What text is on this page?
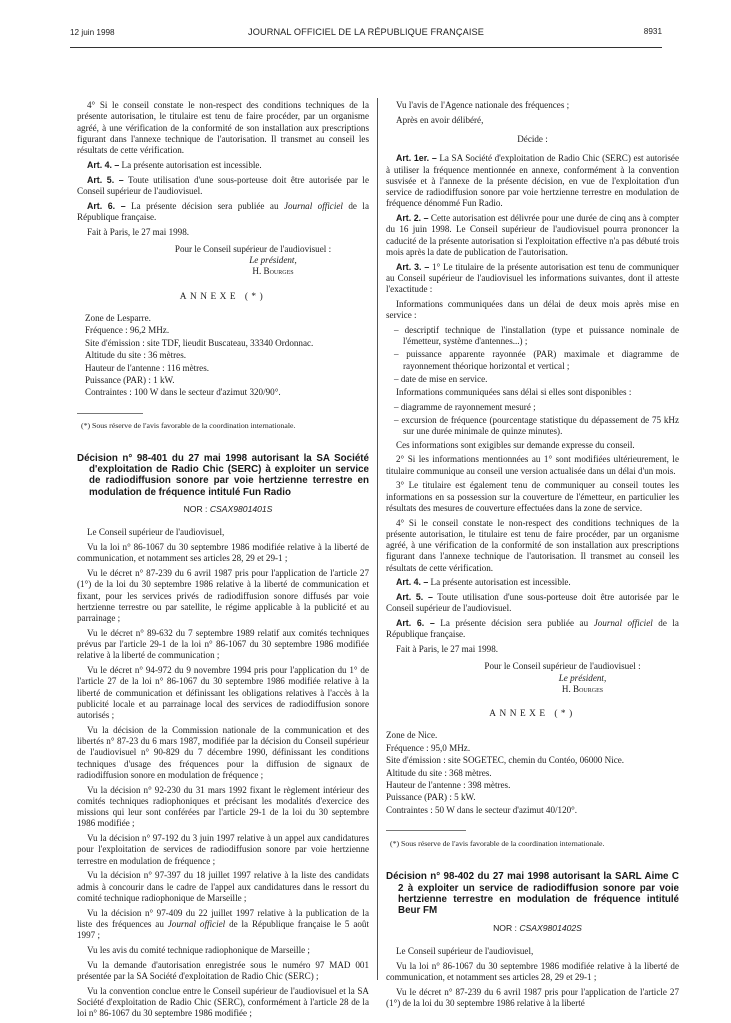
12 juin 1998	JOURNAL OFFICIEL DE LA RÉPUBLIQUE FRANÇAISE	8931

4° Si le conseil constate le non-respect des conditions techniques de la présente autorisation, le titulaire est tenu de faire procéder, par un organisme agréé, à une vérification de la conformité de son installation aux prescriptions figurant dans l'annexe technique de l'autorisation. Il transmet au conseil les résultats de cette vérification.

Art. 4. – La présente autorisation est incessible.

Art. 5. – Toute utilisation d'une sous-porteuse doit être autorisée par le Conseil supérieur de l'audiovisuel.

Art. 6. – La présente décision sera publiée au Journal officiel de la République française.

Fait à Paris, le 27 mai 1998.

Pour le Conseil supérieur de l'audiovisuel :
Le président,
H. Bourges
ANNEXE (*)

Zone de Lesparre.

Fréquence : 96,2 MHz.

Site d'émission : site TDF, lieudit Buscateau, 33340 Ordonnac.

Altitude du site : 36 mètres.

Hauteur de l'antenne : 116 mètres.

Puissance (PAR) : 1 kW.

Contraintes : 100 W dans le secteur d'azimut 320/90°.

(*) Sous réserve de l'avis favorable de la coordination internationale.

Décision n° 98-401 du 27 mai 1998 autorisant la SA Société d'exploitation de Radio Chic (SERC) à exploiter un service de radiodiffusion sonore par voie hertzienne terrestre en modulation de fréquence intitulé Fun Radio

NOR : CSAX9801401S

Le Conseil supérieur de l'audiovisuel,

Vu la loi n° 86-1067 du 30 septembre 1986 modifiée relative à la liberté de communication, et notamment ses articles 28, 29 et 29-1 ;

Vu le décret n° 87-239 du 6 avril 1987 pris pour l'application de l'article 27 (1°) de la loi du 30 septembre 1986 relative à la liberté de communication et fixant, pour les services privés de radiodiffusion sonore diffusés par voie hertzienne terrestre ou par satellite, le régime applicable à la publicité et au parrainage ;

Vu le décret n° 89-632 du 7 septembre 1989 relatif aux comités techniques prévus par l'article 29-1 de la loi n° 86-1067 du 30 septembre 1986 modifiée relative à la liberté de communication ;

Vu le décret n° 94-972 du 9 novembre 1994 pris pour l'application du 1° de l'article 27 de la loi n° 86-1067 du 30 septembre 1986 modifiée relative à la liberté de communication et définissant les obligations relatives à l'accès à la publicité locale et au parrainage local des services de radiodiffusion sonore autorisés ;

Vu la décision de la Commission nationale de la communication et des libertés n° 87-23 du 6 mars 1987, modifiée par la décision du Conseil supérieur de l'audiovisuel n° 90-829 du 7 décembre 1990, définissant les conditions techniques d'usage des fréquences pour la diffusion de signaux de radiodiffusion sonore en modulation de fréquence ;

Vu la décision n° 92-230 du 31 mars 1992 fixant le règlement intérieur des comités techniques radiophoniques et précisant les modalités d'exercice des missions qui leur sont conférées par l'article 29-1 de la loi du 30 septembre 1986 modifiée ;

Vu la décision n° 97-192 du 3 juin 1997 relative à un appel aux candidatures pour l'exploitation de services de radiodiffusion sonore par voie hertzienne terrestre en modulation de fréquence ;

Vu la décision n° 97-397 du 18 juillet 1997 relative à la liste des candidats admis à concourir dans le cadre de l'appel aux candidatures dans le ressort du comité technique radiophonique de Marseille ;

Vu la décision n° 97-409 du 22 juillet 1997 relative à la publication de la liste des fréquences au Journal officiel de la République française le 5 août 1997 ;

Vu les avis du comité technique radiophonique de Marseille ;

Vu la demande d'autorisation enregistrée sous le numéro 97 MAD 001 présentée par la SA Société d'exploitation de Radio Chic (SERC) ;

Vu la convention conclue entre le Conseil supérieur de l'audiovisuel et la SA Société d'exploitation de Radio Chic (SERC), conformément à l'article 28 de la loi n° 86-1067 du 30 septembre 1986 modifiée ;

Vu l'avis de l'Agence nationale des fréquences ;

Après en avoir délibéré,

Décide :

Art. 1er. – La SA Société d'exploitation de Radio Chic (SERC) est autorisée à utiliser la fréquence mentionnée en annexe, conformément à la convention susvisée et à l'annexe de la présente décision, en vue de l'exploitation d'un service de radiodiffusion sonore par voie hertzienne terrestre en modulation de fréquence dénommé Fun Radio.

Art. 2. – Cette autorisation est délivrée pour une durée de cinq ans à compter du 16 juin 1998. Le Conseil supérieur de l'audiovisuel pourra prononcer la caducité de la présente autorisation si l'exploitation effective n'a pas débuté trois mois après la date de publication de l'autorisation.

Art. 3. – 1° Le titulaire de la présente autorisation est tenu de communiquer au Conseil supérieur de l'audiovisuel les informations suivantes, dont il atteste l'exactitude :

Informations communiquées dans un délai de deux mois après mise en service :

– descriptif technique de l'installation (type et puissance nominale de l'émetteur, système d'antennes...) ;

– puissance apparente rayonnée (PAR) maximale et diagramme de rayonnement théorique horizontal et vertical ;

– date de mise en service.

Informations communiquées sans délai si elles sont disponibles :

– diagramme de rayonnement mesuré ;

– excursion de fréquence (pourcentage statistique du dépassement de 75 kHz sur une durée minimale de quinze minutes).

Ces informations sont exigibles sur demande expresse du conseil.

2° Si les informations mentionnées au 1° sont modifiées ultérieurement, le titulaire communique au conseil une version actualisée dans un délai d'un mois.

3° Le titulaire est également tenu de communiquer au conseil toutes les informations en sa possession sur la couverture de l'émetteur, en particulier les résultats des mesures de couverture effectuées dans la zone de service.

4° Si le conseil constate le non-respect des conditions techniques de la présente autorisation, le titulaire est tenu de faire procéder, par un organisme agréé, à une vérification de la conformité de son installation aux prescriptions figurant dans l'annexe technique de l'autorisation. Il transmet au conseil les résultats de cette vérification.

Art. 4. – La présente autorisation est incessible.

Art. 5. – Toute utilisation d'une sous-porteuse doit être autorisée par le Conseil supérieur de l'audiovisuel.

Art. 6. – La présente décision sera publiée au Journal officiel de la République française.

Fait à Paris, le 27 mai 1998.

Pour le Conseil supérieur de l'audiovisuel :
Le président,
H. Bourges
ANNEXE (*)

Zone de Nice.

Fréquence : 95,0 MHz.

Site d'émission : site SOGETEC, chemin du Contéo, 06000 Nice.

Altitude du site : 368 mètres.

Hauteur de l'antenne : 398 mètres.

Puissance (PAR) : 5 kW.

Contraintes : 50 W dans le secteur d'azimut 40/120°.

(*) Sous réserve de l'avis favorable de la coordination internationale.

Décision n° 98-402 du 27 mai 1998 autorisant la SARL Aime C 2 à exploiter un service de radiodiffusion sonore par voie hertzienne terrestre en modulation de fréquence intitulé Beur FM

NOR : CSAX9801402S

Le Conseil supérieur de l'audiovisuel,

Vu la loi n° 86-1067 du 30 septembre 1986 modifiée relative à la liberté de communication, et notamment ses articles 28, 29 et 29-1 ;

Vu le décret n° 87-239 du 6 avril 1987 pris pour l'application de l'article 27 (1°) de la loi du 30 septembre 1986 relative à la liberté
